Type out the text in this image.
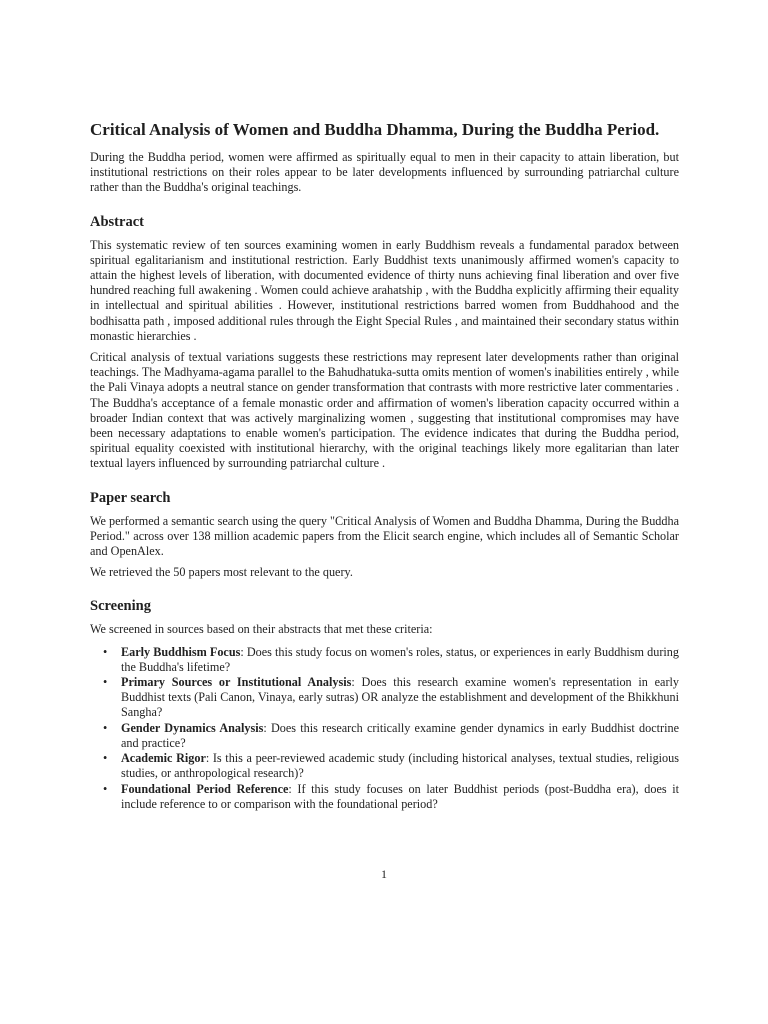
Critical Analysis of Women and Buddha Dhamma, During the Buddha Period.

During the Buddha period, women were affirmed as spiritually equal to men in their capacity to attain liberation, but institutional restrictions on their roles appear to be later developments influenced by surrounding patriarchal culture rather than the Buddha's original teachings.

Abstract

This systematic review of ten sources examining women in early Buddhism reveals a fundamental paradox between spiritual egalitarianism and institutional restriction. Early Buddhist texts unanimously affirmed women's capacity to attain the highest levels of liberation, with documented evidence of thirty nuns achieving final liberation and over five hundred reaching full awakening . Women could achieve arahatship , with the Buddha explicitly affirming their equality in intellectual and spiritual abilities . However, institutional restrictions barred women from Buddhahood and the bodhisatta path , imposed additional rules through the Eight Special Rules , and maintained their secondary status within monastic hierarchies .

Critical analysis of textual variations suggests these restrictions may represent later developments rather than original teachings. The Madhyama-agama parallel to the Bahudhatuka-sutta omits mention of women's inabilities entirely , while the Pali Vinaya adopts a neutral stance on gender transformation that contrasts with more restrictive later commentaries . The Buddha's acceptance of a female monastic order and affirmation of women's liberation capacity occurred within a broader Indian context that was actively marginalizing women , suggesting that institutional compromises may have been necessary adaptations to enable women's participation. The evidence indicates that during the Buddha period, spiritual equality coexisted with institutional hierarchy, with the original teachings likely more egalitarian than later textual layers influenced by surrounding patriarchal culture .

Paper search

We performed a semantic search using the query "Critical Analysis of Women and Buddha Dhamma, During the Buddha Period." across over 138 million academic papers from the Elicit search engine, which includes all of Semantic Scholar and OpenAlex.

We retrieved the 50 papers most relevant to the query.

Screening

We screened in sources based on their abstracts that met these criteria:

• Early Buddhism Focus: Does this study focus on women's roles, status, or experiences in early Buddhism during the Buddha's lifetime?
• Primary Sources or Institutional Analysis: Does this research examine women's representation in early Buddhist texts (Pali Canon, Vinaya, early sutras) OR analyze the establishment and development of the Bhikkhuni Sangha?
• Gender Dynamics Analysis: Does this research critically examine gender dynamics in early Buddhist doctrine and practice?
• Academic Rigor: Is this a peer-reviewed academic study (including historical analyses, textual studies, religious studies, or anthropological research)?
• Foundational Period Reference: If this study focuses on later Buddhist periods (post-Buddha era), does it include reference to or comparison with the foundational period?
1
